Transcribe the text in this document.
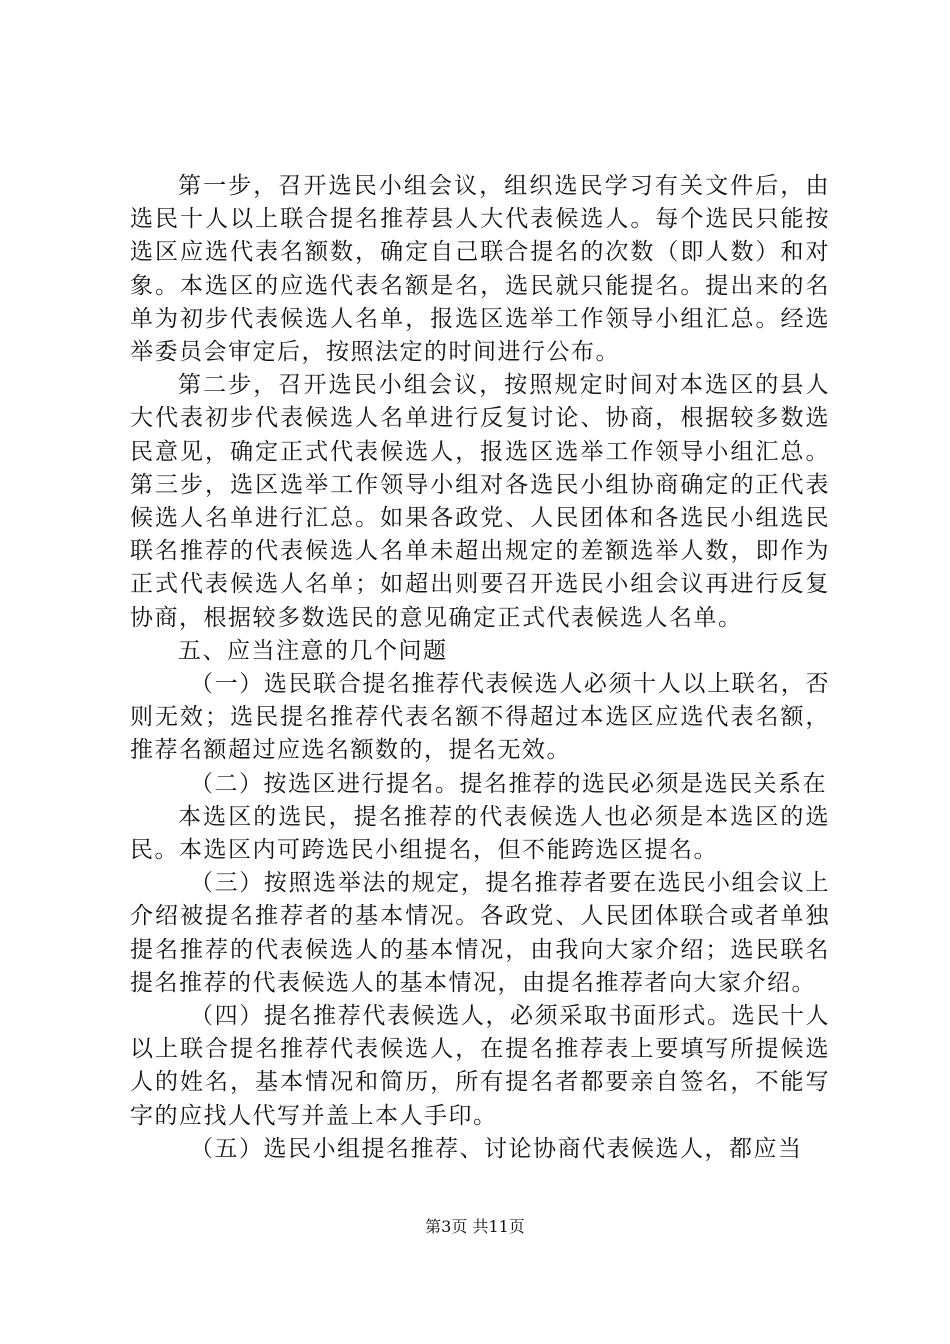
第一步，召开选民小组会议，组织选民学习有关文件后，由选民十人以上联合提名推荐县人大代表候选人。每个选民只能按选区应选代表名额数，确定自己联合提名的次数（即人数）和对象。本选区的应选代表名额是名，选民就只能提名。提出来的名单为初步代表候选人名单，报选区选举工作领导小组汇总。经选举委员会审定后，按照法定的时间进行公布。

第二步，召开选民小组会议，按照规定时间对本选区的县人大代表初步代表候选人名单进行反复讨论、协商，根据较多数选民意见，确定正式代表候选人，报选区选举工作领导小组汇总。第三步，选区选举工作领导小组对各选民小组协商确定的正代表候选人名单进行汇总。如果各政党、人民团体和各选民小组选民联名推荐的代表候选人名单未超出规定的差额选举人数，即作为正式代表候选人名单；如超出则要召开选民小组会议再进行反复协商，根据较多数选民的意见确定正式代表候选人名单。

五、应当注意的几个问题

（一）选民联合提名推荐代表候选人必须十人以上联名，否则无效；选民提名推荐代表名额不得超过本选区应选代表名额，推荐名额超过应选名额数的，提名无效。

（二）按选区进行提名。提名推荐的选民必须是选民关系在

本选区的选民，提名推荐的代表候选人也必须是本选区的选民。本选区内可跨选民小组提名，但不能跨选区提名。

（三）按照选举法的规定，提名推荐者要在选民小组会议上介绍被提名推荐者的基本情况。各政党、人民团体联合或者单独提名推荐的代表候选人的基本情况，由我向大家介绍；选民联名提名推荐的代表候选人的基本情况，由提名推荐者向大家介绍。

（四）提名推荐代表候选人，必须采取书面形式。选民十人以上联合提名推荐代表候选人，在提名推荐表上要填写所提候选人的姓名，基本情况和简历，所有提名者都要亲自签名，不能写字的应找人代写并盖上本人手印。

（五）选民小组提名推荐、讨论协商代表候选人，都应当

第3页 共11页
